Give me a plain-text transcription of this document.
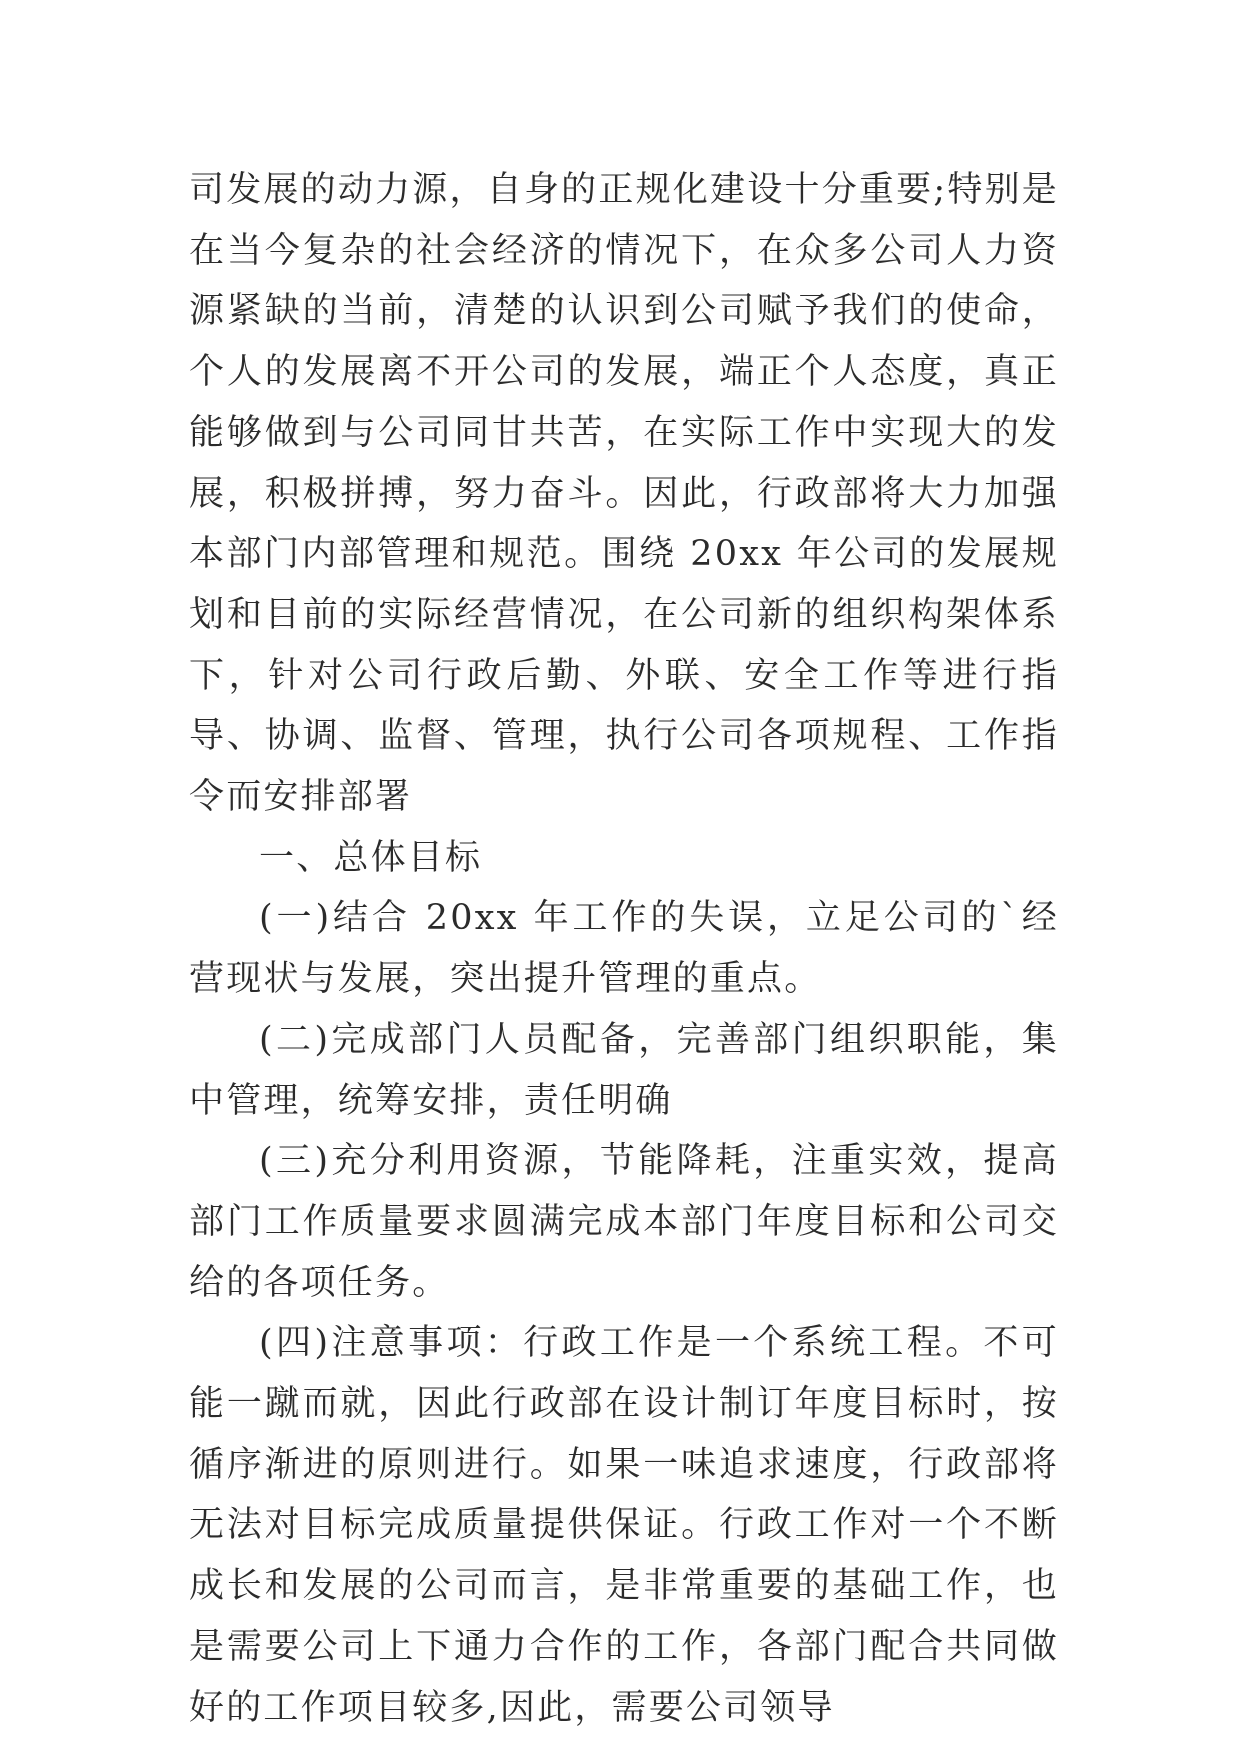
司发展的动力源，自身的正规化建设十分重要;特别是在当今复杂的社会经济的情况下，在众多公司人力资源紧缺的当前，清楚的认识到公司赋予我们的使命，个人的发展离不开公司的发展，端正个人态度，真正能够做到与公司同甘共苦，在实际工作中实现大的发展，积极拼搏，努力奋斗。因此，行政部将大力加强本部门内部管理和规范。围绕 20xx 年公司的发展规划和目前的实际经营情况，在公司新的组织构架体系下，针对公司行政后勤、外联、安全工作等进行指导、协调、监督、管理，执行公司各项规程、工作指令而安排部署

一、总体目标

(一)结合 20xx 年工作的失误，立足公司的`经营现状与发展，突出提升管理的重点。

(二)完成部门人员配备，完善部门组织职能，集中管理，统筹安排，责任明确

(三)充分利用资源，节能降耗，注重实效，提高部门工作质量要求圆满完成本部门年度目标和公司交给的各项任务。

(四)注意事项：行政工作是一个系统工程。不可能一蹴而就，因此行政部在设计制订年度目标时，按循序渐进的原则进行。如果一味追求速度，行政部将无法对目标完成质量提供保证。行政工作对一个不断成长和发展的公司而言，是非常重要的基础工作，也是需要公司上下通力合作的工作，各部门配合共同做好的工作项目较多,因此，需要公司领导
